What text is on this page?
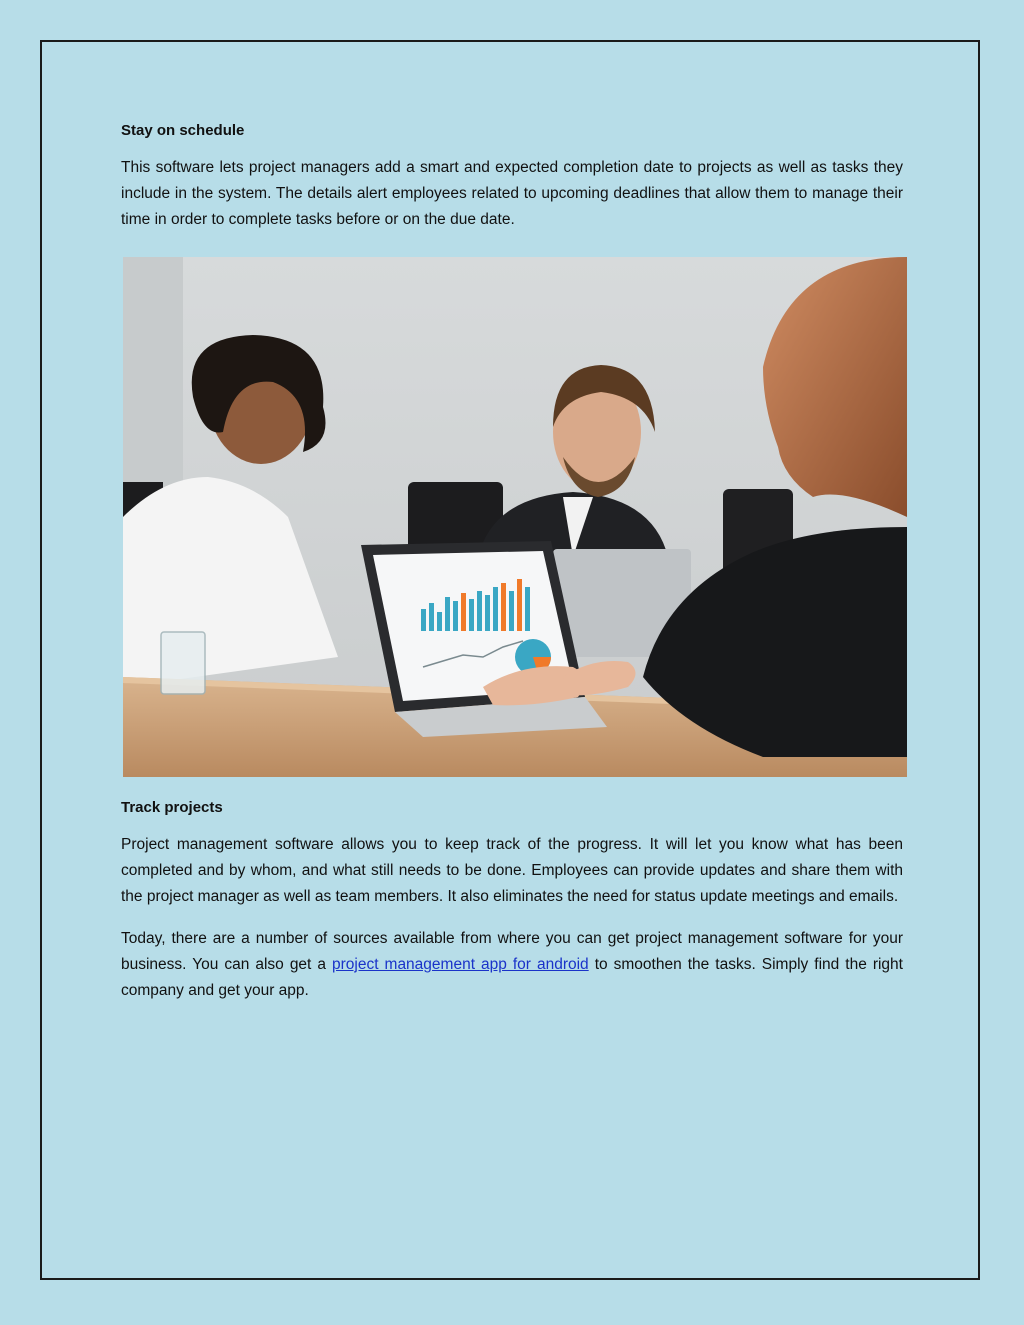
Stay on schedule

This software lets project managers add a smart and expected completion date to projects as well as tasks they include in the system. The details alert employees related to upcoming deadlines that allow them to manage their time in order to complete tasks before or on the due date.

Track projects

Project management software allows you to keep track of the progress. It will let you know what has been completed and by whom, and what still needs to be done. Employees can provide updates and share them with the project manager as well as team members. It also eliminates the need for status update meetings and emails.

Today, there are a number of sources available from where you can get project management software for your business. You can also get a project management app for android to smoothen the tasks. Simply find the right company and get your app.
